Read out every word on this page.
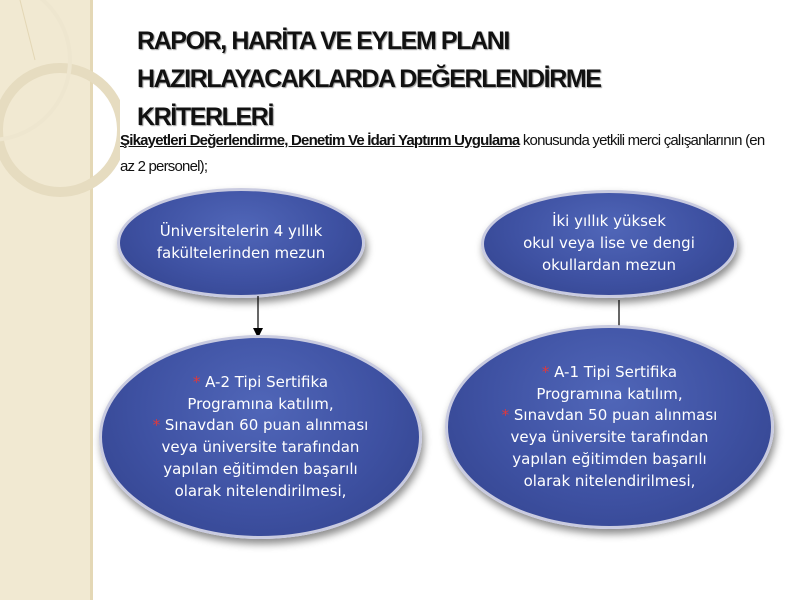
RAPOR, HARİTA VE EYLEM PLANI
HAZIRLAYACAKLARDA DEĞERLENDİRME
KRİTERLERİ
Şikayetleri Değerlendirme, Denetim Ve İdari Yaptırım Uygulama konusunda yetkili merci çalışanlarının (en az 2 personel);
Üniversitelerin 4 yıllık
fakültelerinden mezun
İki yıllık yüksek
okul veya lise ve dengi
okullardan mezun
* A-2 Tipi Sertifika
Programına katılım,
* Sınavdan 60 puan alınması
veya üniversite tarafından
yapılan eğitimden başarılı
olarak nitelendirilmesi,
* A-1 Tipi Sertifika
Programına katılım,
* Sınavdan 50 puan alınması
veya üniversite tarafından
yapılan eğitimden başarılı
olarak nitelendirilmesi,
